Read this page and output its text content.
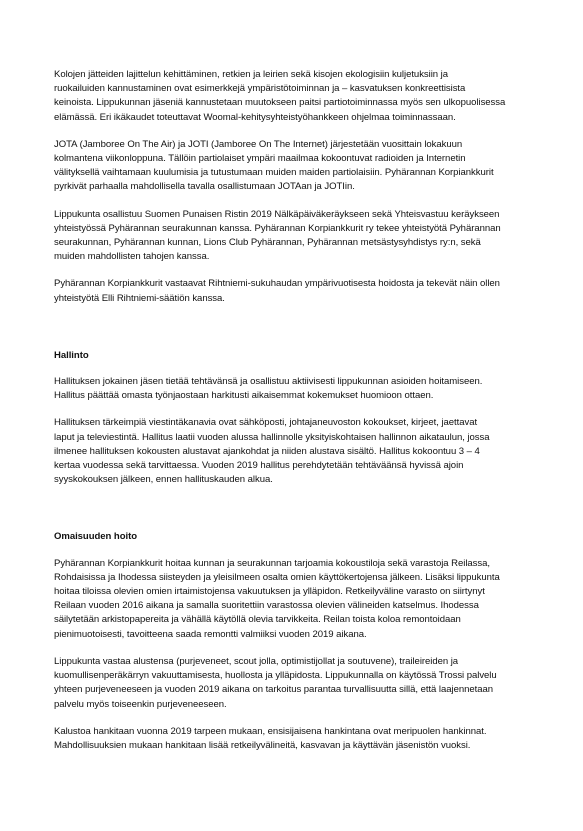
Kolojen jätteiden lajittelun kehittäminen, retkien ja leirien sekä kisojen ekologisiin kuljetuksiin ja
ruokailuiden kannustaminen ovat esimerkkejä ympäristötoiminnan ja – kasvatuksen konkreettisista
keinoista. Lippukunnan jäseniä kannustetaan muutokseen paitsi partiotoiminnassa myös sen ulkopuolisessa
elämässä. Eri ikäkaudet toteuttavat Woomal-kehitysyhteistyöhankkeen ohjelmaa toiminnassaan.

JOTA (Jamboree On The Air) ja JOTI (Jamboree On The Internet) järjestetään vuosittain lokakuun
kolmantena viikonloppuna. Tällöin partiolaiset ympäri maailmaa kokoontuvat radioiden ja Internetin
välityksellä vaihtamaan kuulumisia ja tutustumaan muiden maiden partiolaisiin. Pyhärannan Korpiankkurit
pyrkivät parhaalla mahdollisella tavalla osallistumaan JOTAan ja JOTIin.

Lippukunta osallistuu Suomen Punaisen Ristin 2019 Nälkäpäiväkeräykseen sekä Yhteisvastuu keräykseen
yhteistyössä Pyhärannan seurakunnan kanssa. Pyhärannan Korpiankkurit ry tekee yhteistyötä Pyhärannan
seurakunnan, Pyhärannan kunnan, Lions Club Pyhärannan, Pyhärannan metsästysyhdistys ry:n, sekä
muiden mahdollisten tahojen kanssa.

Pyhärannan Korpiankkurit vastaavat Rihtniemi-sukuhaudan ympärivuotisesta hoidosta ja tekevät näin ollen
yhteistyötä Elli Rihtniemi-säätiön kanssa.

Hallinto

Hallituksen jokainen jäsen tietää tehtävänsä ja osallistuu aktiivisesti lippukunnan asioiden hoitamiseen.
Hallitus päättää omasta työnjaostaan harkitusti aikaisemmat kokemukset huomioon ottaen.

Hallituksen tärkeimpiä viestintäkanavia ovat sähköposti, johtajaneuvoston kokoukset, kirjeet, jaettavat
laput ja televiestintä. Hallitus laatii vuoden alussa hallinnolle yksityiskohtaisen hallinnon aikataulun, jossa
ilmenee hallituksen kokousten alustavat ajankohdat ja niiden alustava sisältö. Hallitus kokoontuu 3 – 4
kertaa vuodessa sekä tarvittaessa. Vuoden 2019 hallitus perehdytetään tehtäväänsä hyvissä ajoin
syyskokouksen jälkeen, ennen hallituskauden alkua.

Omaisuuden hoito

Pyhärannan Korpiankkurit hoitaa kunnan ja seurakunnan tarjoamia kokoustiloja sekä varastoja Reilassa,
Rohdaisissa ja Ihodessa siisteyden ja yleisilmeen osalta omien käyttökertojensa jälkeen. Lisäksi lippukunta
hoitaa tiloissa olevien omien irtaimistojensa vakuutuksen ja ylläpidon. Retkeilyväline varasto on siirtynyt
Reilaan vuoden 2016 aikana ja samalla suoritettiin varastossa olevien välineiden katselmus. Ihodessa
säilytetään arkistopapereita ja vähällä käytöllä olevia tarvikkeita. Reilan toista koloa remontoidaan
pienimuotoisesti, tavoitteena saada remontti valmiiksi vuoden 2019 aikana.

Lippukunta vastaa alustensa (purjeveneet, scout jolla, optimistijollat ja soutuvene), traileireiden ja
kuomullisenperäkärryn vakuuttamisesta, huollosta ja ylläpidosta. Lippukunnalla on käytössä Trossi palvelu
yhteen purjeveneeseen ja vuoden 2019 aikana on tarkoitus parantaa turvallisuutta sillä, että laajennetaan
palvelu myös toiseenkin purjeveneeseen.

Kalustoa hankitaan vuonna 2019 tarpeen mukaan, ensisijaisena hankintana ovat meripuolen hankinnat.
Mahdollisuuksien mukaan hankitaan lisää retkeilyvälineitä, kasvavan ja käyttävän jäsenistön vuoksi.
